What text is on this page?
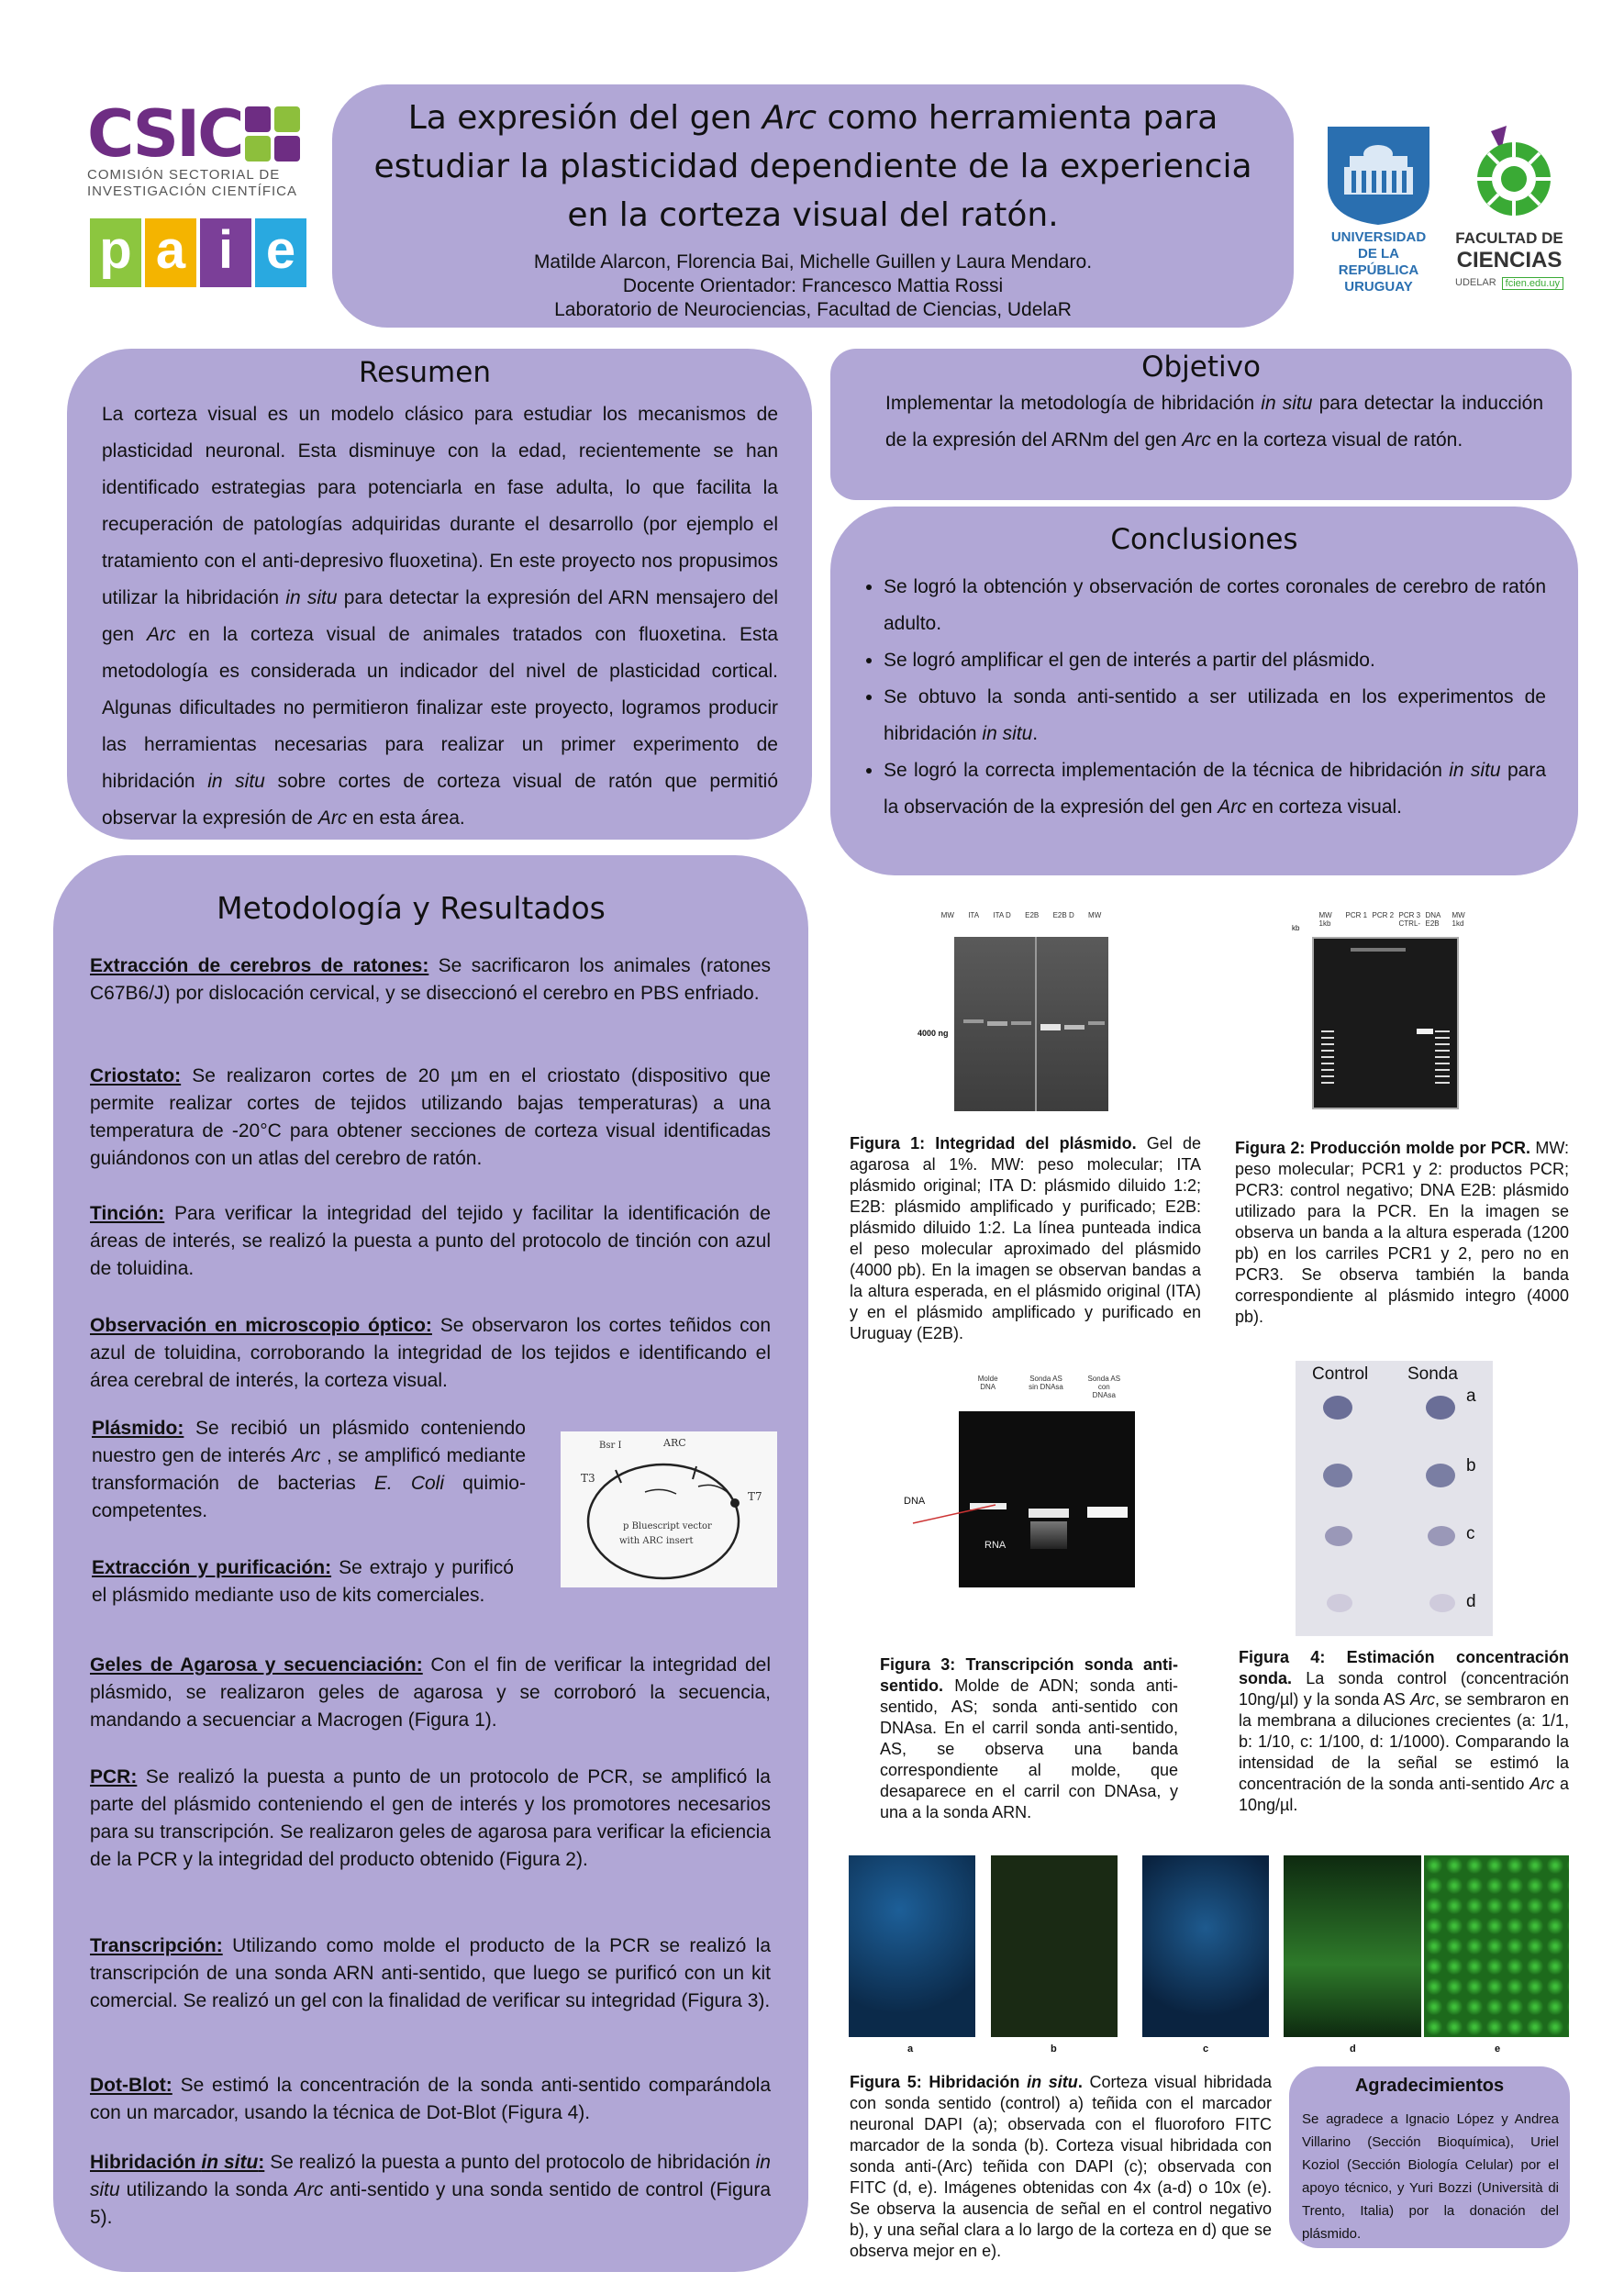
CSIC
COMISIÓN SECTORIAL DE
INVESTIGACIÓN CIENTÍFICA
p a i e
La expresión del gen Arc como herramienta para estudiar la plasticidad dependiente de la experiencia en la corteza visual del ratón.
Matilde Alarcon, Florencia Bai, Michelle Guillen y Laura Mendaro.
Docente Orientador: Francesco Mattia Rossi
Laboratorio de Neurociencias, Facultad de Ciencias, UdelaR
UNIVERSIDAD
DE LA REPÚBLICA
URUGUAY
FACULTAD DE
CIENCIAS
UDELAR fcien.edu.uy
Resumen
La corteza visual es un modelo clásico para estudiar los mecanismos de plasticidad neuronal. Esta disminuye con la edad, recientemente se han identificado estrategias para potenciarla en fase adulta, lo que facilita la recuperación de patologías adquiridas durante el desarrollo (por ejemplo el tratamiento con el anti-depresivo fluoxetina). En este proyecto nos propusimos utilizar la hibridación in situ para detectar la expresión del ARN mensajero del gen Arc en la corteza visual de animales tratados con fluoxetina. Esta metodología es considerada un indicador del nivel de plasticidad cortical. Algunas dificultades no permitieron finalizar este proyecto, logramos producir las herramientas necesarias para realizar un primer experimento de hibridación in situ sobre cortes de corteza visual de ratón que permitió observar la expresión de Arc en esta área.
Objetivo
Implementar la metodología de hibridación in situ para detectar la inducción de la expresión del ARNm del gen Arc en la corteza visual de ratón.
Conclusiones
• Se logró la obtención y observación de cortes coronales de cerebro de ratón adulto.
• Se logró amplificar el gen de interés a partir del plásmido.
• Se obtuvo la sonda anti-sentido a ser utilizada en los experimentos de hibridación in situ.
• Se logró la correcta implementación de la técnica de hibridación in situ para la observación de la expresión del gen Arc en corteza visual.
Metodología y Resultados
Extracción de cerebros de ratones: Se sacrificaron los animales (ratones C67B6/J) por dislocación cervical, y se diseccionó el cerebro en PBS enfriado.
Criostato: Se realizaron cortes de 20 µm en el criostato (dispositivo que permite realizar cortes de tejidos utilizando bajas temperaturas) a una temperatura de -20°C para obtener secciones de corteza visual identificadas guiándonos con un atlas del cerebro de ratón.
Tinción: Para verificar la integridad del tejido y facilitar la identificación de áreas de interés, se realizó la puesta a punto del protocolo de tinción con azul de toluidina.
Observación en microscopio óptico: Se observaron los cortes teñidos con azul de toluidina, corroborando la integridad de los tejidos e identificando el área cerebral de interés, la corteza visual.
Plásmido: Se recibió un plásmido conteniendo nuestro gen de interés Arc , se amplificó mediante transformación de bacterias E. Coli quimio-competentes.
Extracción y purificación: Se extrajo y purificó el plásmido mediante uso de kits comerciales.
Bsr I	ARC
T3
T7
p Bluescript vector
with ARC insert
Geles de Agarosa y secuenciación: Con el fin de verificar la integridad del plásmido, se realizaron geles de agarosa y se corroboró la secuencia, mandando a secuenciar a Macrogen (Figura 1).
PCR: Se realizó la puesta a punto de un protocolo de PCR, se amplificó la parte del plásmido conteniendo el gen de interés y los promotores necesarios para su transcripción. Se realizaron geles de agarosa para verificar la eficiencia de la PCR y la integridad del producto obtenido (Figura 2).
Transcripción: Utilizando como molde el producto de la PCR se realizó la transcripción de una sonda ARN anti-sentido, que luego se purificó con un kit comercial. Se realizó un gel con la finalidad de verificar su integridad (Figura 3).
Dot-Blot: Se estimó la concentración de la sonda anti-sentido comparándola con un marcador, usando la técnica de Dot-Blot (Figura 4).
Hibridación in situ: Se realizó la puesta a punto del protocolo de hibridación in situ utilizando la sonda Arc anti-sentido y una sonda sentido de control (Figura 5).
MW ITA ITA D E2B E2B D MW
4000 ng
Figura 1: Integridad del plásmido. Gel de agarosa al 1%. MW: peso molecular; ITA plásmido original; ITA D: plásmido diluido 1:2; E2B: plásmido amplificado y purificado; E2B: plásmido diluido 1:2. La línea punteada indica el peso molecular aproximado del plásmido (4000 pb). En la imagen se observan bandas a la altura esperada, en el plásmido original (ITA) y en el plásmido amplificado y purificado en Uruguay (E2B).
MW 1kb
PCR 1 PCR 2 PCR 3 CTRL-
DNA E2B
MW 1kd
kb
Figura 2: Producción molde por PCR. MW: peso molecular; PCR1 y 2: productos PCR; PCR3: control negativo; DNA E2B: plásmido utilizado para la PCR. En la imagen se observa un banda a la altura esperada (1200 pb) en los carriles PCR1 y 2, pero no en PCR3. Se observa también la banda correspondiente al plásmido integro (4000 pb).
Molde DNA
Sonda AS sin DNAsa
Sonda AS con DNAsa
DNA
RNA
Figura 3: Transcripción sonda anti-sentido. Molde de ADN; sonda anti-sentido, AS; sonda anti-sentido con DNAsa. En el carril sonda anti-sentido, AS, se observa una banda correspondiente al molde, que desaparece en el carril con DNAsa, y una a la sonda ARN.
Control Sonda
a
b
c
d
Figura 4: Estimación concentración sonda. La sonda control (concentración 10ng/µl) y la sonda AS Arc, se sembraron en la membrana a diluciones crecientes (a: 1/1, b: 1/10, c: 1/100, d: 1/1000). Comparando la intensidad de la señal se estimó la concentración de la sonda anti-sentido Arc a 10ng/µl.
a	b	c	d	e
Figura 5: Hibridación in situ. Corteza visual hibridada con sonda sentido (control) a) teñida con el marcador neuronal DAPI (a); observada con el fluoroforo FITC marcador de la sonda (b). Corteza visual hibridada con sonda anti-(Arc) teñida con DAPI (c); observada con FITC (d, e). Imágenes obtenidas con 4x (a-d) o 10x (e). Se observa la ausencia de señal en el control negativo b), y una señal clara a lo largo de la corteza en d) que se observa mejor en e).
Agradecimientos
Se agradece a Ignacio López y Andrea Villarino (Sección Bioquímica), Uriel Koziol (Sección Biología Celular) por el apoyo técnico, y Yuri Bozzi (Università di Trento, Italia) por la donación del plásmido.
